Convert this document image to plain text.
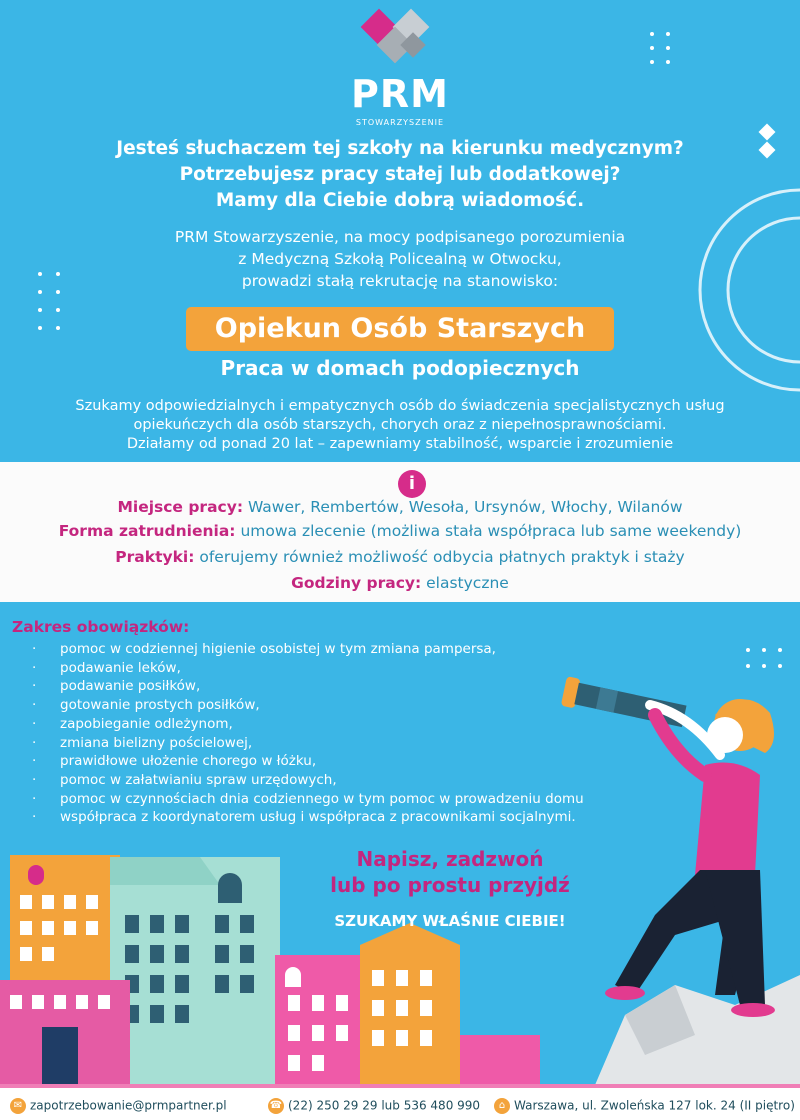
PRM
STOWARZYSZENIE
Jesteś słuchaczem tej szkoły na kierunku medycznym?
Potrzebujesz pracy stałej lub dodatkowej?
Mamy dla Ciebie dobrą wiadomość.
PRM Stowarzyszenie, na mocy podpisanego porozumienia
z Medyczną Szkołą Policealną w Otwocku,
prowadzi stałą rekrutację na stanowisko:
Opiekun Osób Starszych
Praca w domach podopiecznych
Szukamy odpowiedzialnych i empatycznych osób do świadczenia specjalistycznych usług
opiekuńczych dla osób starszych, chorych oraz z niepełnosprawnościami.
Działamy od ponad 20 lat – zapewniamy stabilność, wsparcie i zrozumienie
i
Miejsce pracy: Wawer, Rembertów, Wesoła, Ursynów, Włochy, Wilanów
Forma zatrudnienia: umowa zlecenie (możliwa stała współpraca lub same weekendy)
Praktyki: oferujemy również możliwość odbycia płatnych praktyk i staży
Godziny pracy: elastyczne
Zakres obowiązków:
· pomoc w codziennej higienie osobistej w tym zmiana pampersa,
· podawanie leków,
· podawanie posiłków,
· gotowanie prostych posiłków,
· zapobieganie odleżynom,
· zmiana bielizny pościelowej,
· prawidłowe ułożenie chorego w łóżku,
· pomoc w załatwianiu spraw urzędowych,
· pomoc w czynnościach dnia codziennego w tym pomoc w prowadzeniu domu
· współpraca z koordynatorem usług i współpraca z pracownikami socjalnymi.
Napisz, zadzwoń
lub po prostu przyjdź
SZUKAMY WŁAŚNIE CIEBIE!
✉ zapotrzebowanie@prmpartner.pl	☎ (22) 250 29 29 lub 536 480 990	⌂ Warszawa, ul. Zwoleńska 127 lok. 24 (II piętro)
